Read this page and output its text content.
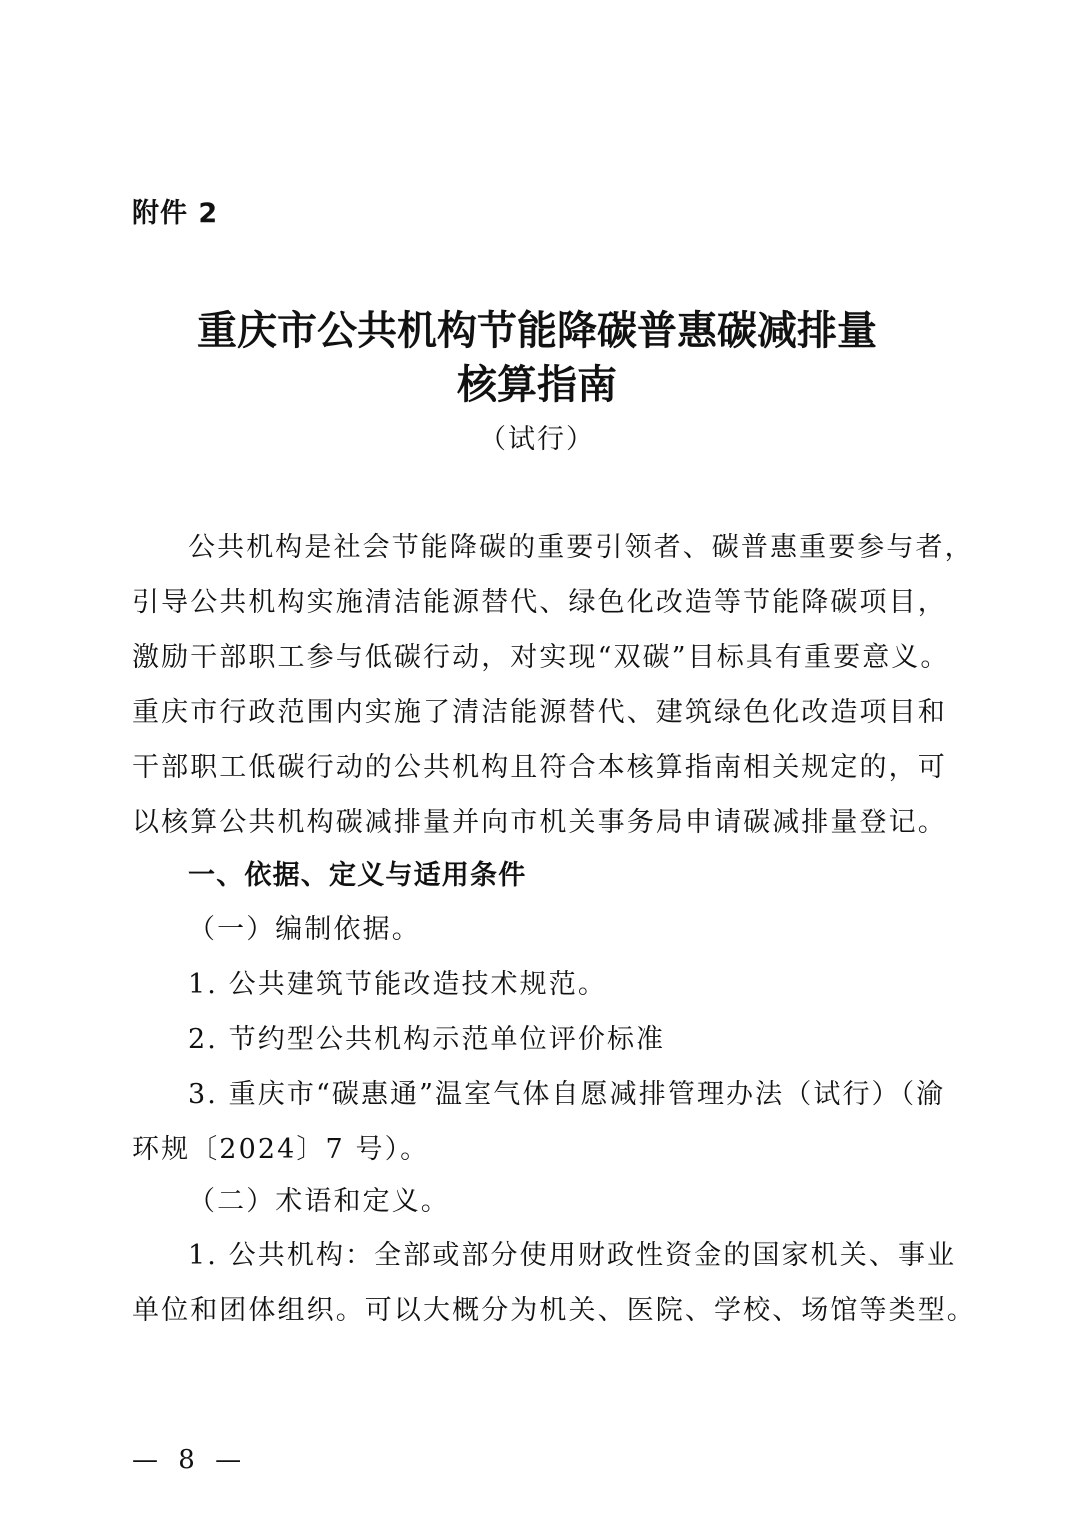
附件 2
重庆市公共机构节能降碳普惠碳减排量
核算指南
（试行）
公共机构是社会节能降碳的重要引领者、碳普惠重要参与者，
引导公共机构实施清洁能源替代、绿色化改造等节能降碳项目，
激励干部职工参与低碳行动，对实现“双碳”目标具有重要意义。
重庆市行政范围内实施了清洁能源替代、建筑绿色化改造项目和
干部职工低碳行动的公共机构且符合本核算指南相关规定的，可
以核算公共机构碳减排量并向市机关事务局申请碳减排量登记。
一、依据、定义与适用条件
（一）编制依据。
1. 公共建筑节能改造技术规范。
2. 节约型公共机构示范单位评价标准
3. 重庆市“碳惠通”温室气体自愿减排管理办法（试行）（渝
环规〔2024〕7 号）。
（二）术语和定义。
1. 公共机构：全部或部分使用财政性资金的国家机关、事业
单位和团体组织。可以大概分为机关、医院、学校、场馆等类型。
— 8 —
